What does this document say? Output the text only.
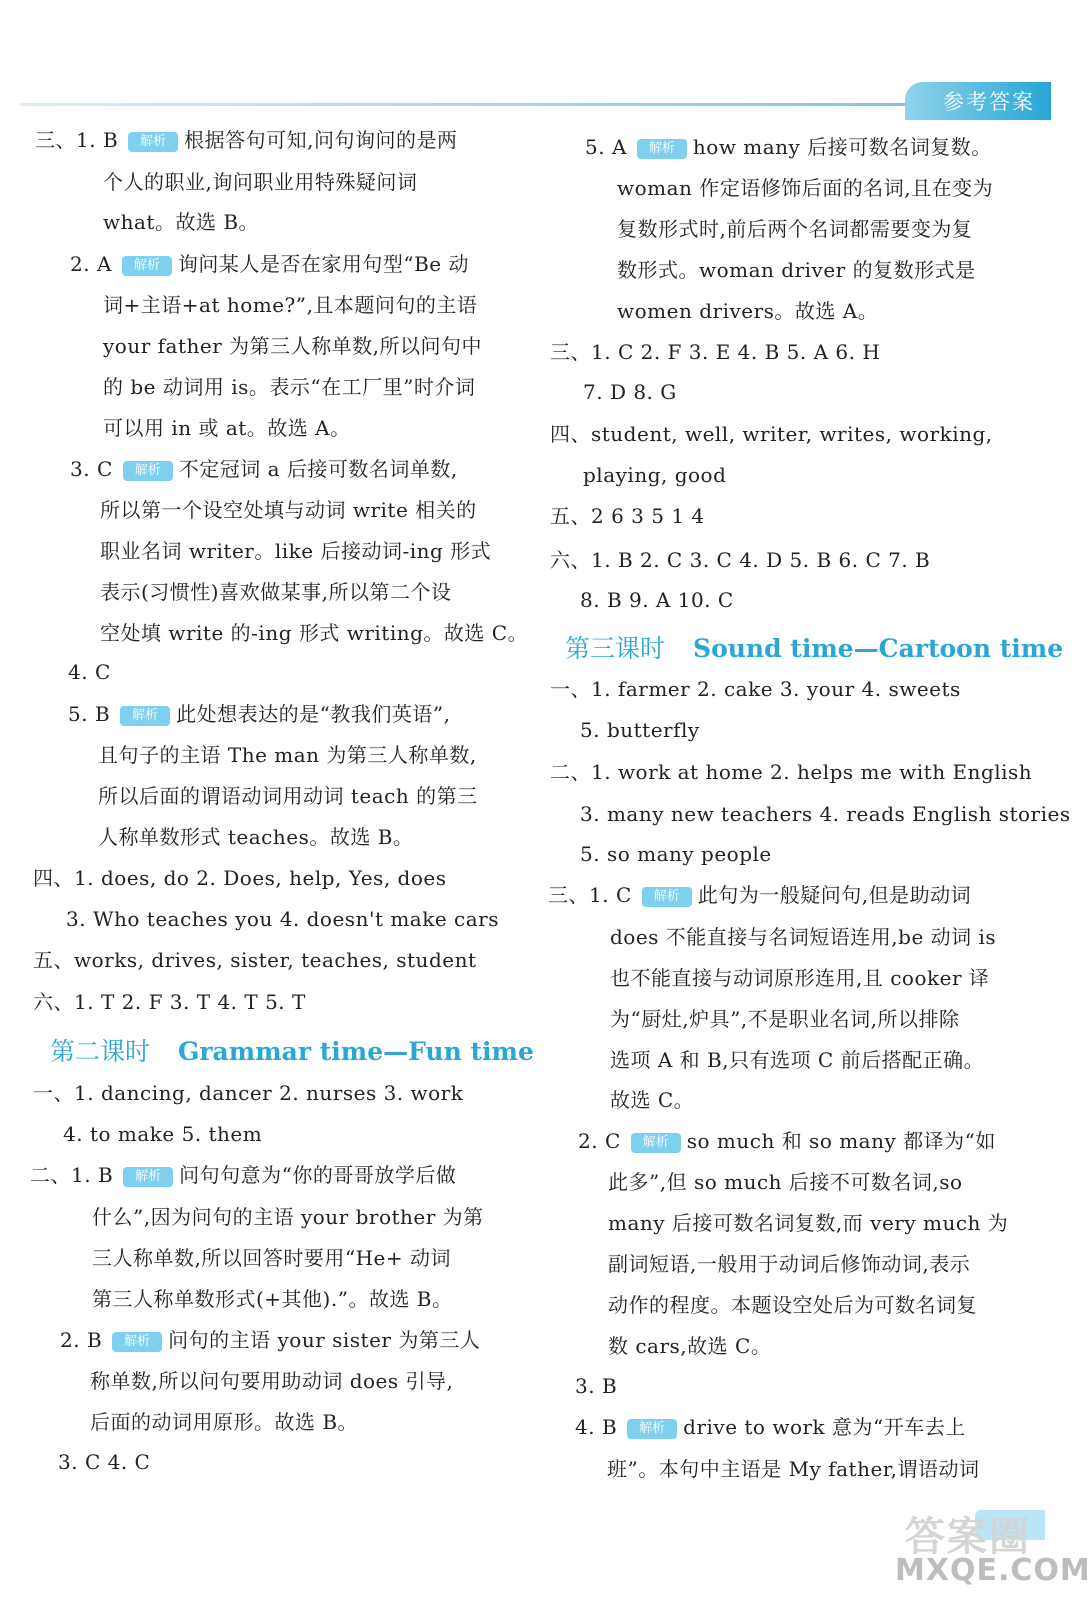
参考答案
三、1. B 解析 根据答句可知,问句询问的是两
个人的职业,询问职业用特殊疑问词
what。故选 B。
2. A 解析 询问某人是否在家用句型“Be 动
词+主语+at home?”,且本题问句的主语
your father 为第三人称单数,所以问句中
的 be 动词用 is。表示“在工厂里”时介词
可以用 in 或 at。故选 A。
3. C 解析 不定冠词 a 后接可数名词单数,
所以第一个设空处填与动词 write 相关的
职业名词 writer。like 后接动词-ing 形式
表示(习惯性)喜欢做某事,所以第二个设
空处填 write 的-ing 形式 writing。故选 C。
4. C
5. B 解析 此处想表达的是“教我们英语”,
且句子的主语 The man 为第三人称单数,
所以后面的谓语动词用动词 teach 的第三
人称单数形式 teaches。故选 B。
四、1. does, do 2. Does, help, Yes, does
3. Who teaches you 4. doesn't make cars
五、works, drives, sister, teaches, student
六、1. T 2. F 3. T 4. T 5. T
一、1. dancing, dancer 2. nurses 3. work
4. to make 5. them
二、1. B 解析 问句句意为“你的哥哥放学后做
什么”,因为问句的主语 your brother 为第
三人称单数,所以回答时要用“He+ 动词
第三人称单数形式(+其他).”。故选 B。
2. B 解析 问句的主语 your sister 为第三人
称单数,所以问句要用助动词 does 引导,
后面的动词用原形。故选 B。
3. C 4. C
5. A 解析 how many 后接可数名词复数。
woman 作定语修饰后面的名词,且在变为
复数形式时,前后两个名词都需要变为复
数形式。woman driver 的复数形式是
women drivers。故选 A。
三、1. C 2. F 3. E 4. B 5. A 6. H
7. D 8. G
四、student, well, writer, writes, working,
playing, good
五、2 6 3 5 1 4
六、1. B 2. C 3. C 4. D 5. B 6. C 7. B
8. B 9. A 10. C
一、1. farmer 2. cake 3. your 4. sweets
5. butterfly
二、1. work at home 2. helps me with English
3. many new teachers 4. reads English stories
5. so many people
三、1. C 解析 此句为一般疑问句,但是助动词
does 不能直接与名词短语连用,be 动词 is
也不能直接与动词原形连用,且 cooker 译
为“厨灶,炉具”,不是职业名词,所以排除
选项 A 和 B,只有选项 C 前后搭配正确。
故选 C。
2. C 解析 so much 和 so many 都译为“如
此多”,但 so much 后接不可数名词,so
many 后接可数名词复数,而 very much 为
副词短语,一般用于动词后修饰动词,表示
动作的程度。本题设空处后为可数名词复
数 cars,故选 C。
3. B
4. B 解析 drive to work 意为“开车去上
班”。本句中主语是 My father,谓语动词
第二课时 Grammar time—Fun time
第三课时 Sound time—Cartoon time
答案圈
MXQE.COM
